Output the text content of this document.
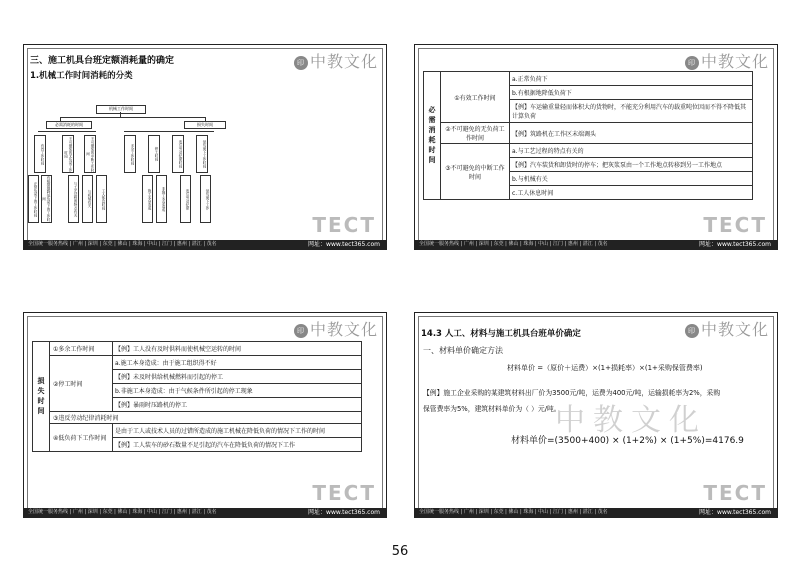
印 中教文化
三、施工机具台班定额消耗量的确定
1.机械工作时间消耗的分类
机械工作时间
必需消耗的时间	损失时间
有效工作时间	不可避免的无负荷工作时间	不可避免的中断工作时间	多余工作时间	停工时间	违反劳动纪律时间	低负荷下工作时间
正常负荷下的工作时间	有根据地降低负荷下的工作时间	与工艺过程的特点有关	与机械有关	工人休息时间	施工本身造成	非施工本身造成	违反劳动纪律	低负荷下工作
TECT
全国统一服务热线 | 广州 | 深圳 | 东莞 | 佛山 | 珠海 | 中山 | 江门 | 惠州 | 湛江 | 茂名	网址：www.tect365.com
印 中教文化
必需消耗时间	①有效工作时间	a.正常负荷下
b.有根据地降低负荷下
【例】车运输重量轻而体积大的货物时，不能充分利用汽车的载重吨位因而不得不降低其计算负荷

	②不可避免的无负荷工作时间	【例】筑路机在工作区末端调头

	③不可避免的中断工作时间	a.与工艺过程的特点有关的
【例】汽车装货和卸货时的停车；把灰浆泵由一个工作地点转移到另一工作地点
b.与机械有关
c.工人休息时间
TECT
全国统一服务热线 | 广州 | 深圳 | 东莞 | 佛山 | 珠海 | 中山 | 江门 | 惠州 | 湛江 | 茂名	网址：www.tect365.com
印 中教文化
损失时间	①多余工作时间	【例】工人没有及时供料而使机械空运转的时间

	②停工时间	a.施工本身造成：由于施工组织得不好
【例】未及时供给机械燃料而引起的停工
b.非施工本身造成：由于气候条件所引起的停工现象
【例】暴雨时压路机的停工

	③违反劳动纪律消耗时间	
	④低负荷下工作时间	是由于工人或技术人员的过错所造成的施工机械在降低负荷的情况下工作的时间
【例】工人装车的砂石数量不足引起的汽车在降低负荷的情况下工作
TECT
全国统一服务热线 | 广州 | 深圳 | 东莞 | 佛山 | 珠海 | 中山 | 江门 | 惠州 | 湛江 | 茂名	网址：www.tect365.com
印 中教文化
中教文化
14.3 人工、材料与施工机具台班单价确定
一、材料单价确定方法
材料单价 =（原价＋运费）×(1+损耗率）×(1+采购保管费率)
【例】施工企业采购的某建筑材料出厂价为3500元/吨，运费为400元/吨，运输损耗率为2%，采购
保管费率为5%，建筑材料单价为（ ）元/吨。
材料单价=(3500+400) × (1+2%) × (1+5%)=4176.9
TECT
全国统一服务热线 | 广州 | 深圳 | 东莞 | 佛山 | 珠海 | 中山 | 江门 | 惠州 | 湛江 | 茂名	网址：www.tect365.com
56
